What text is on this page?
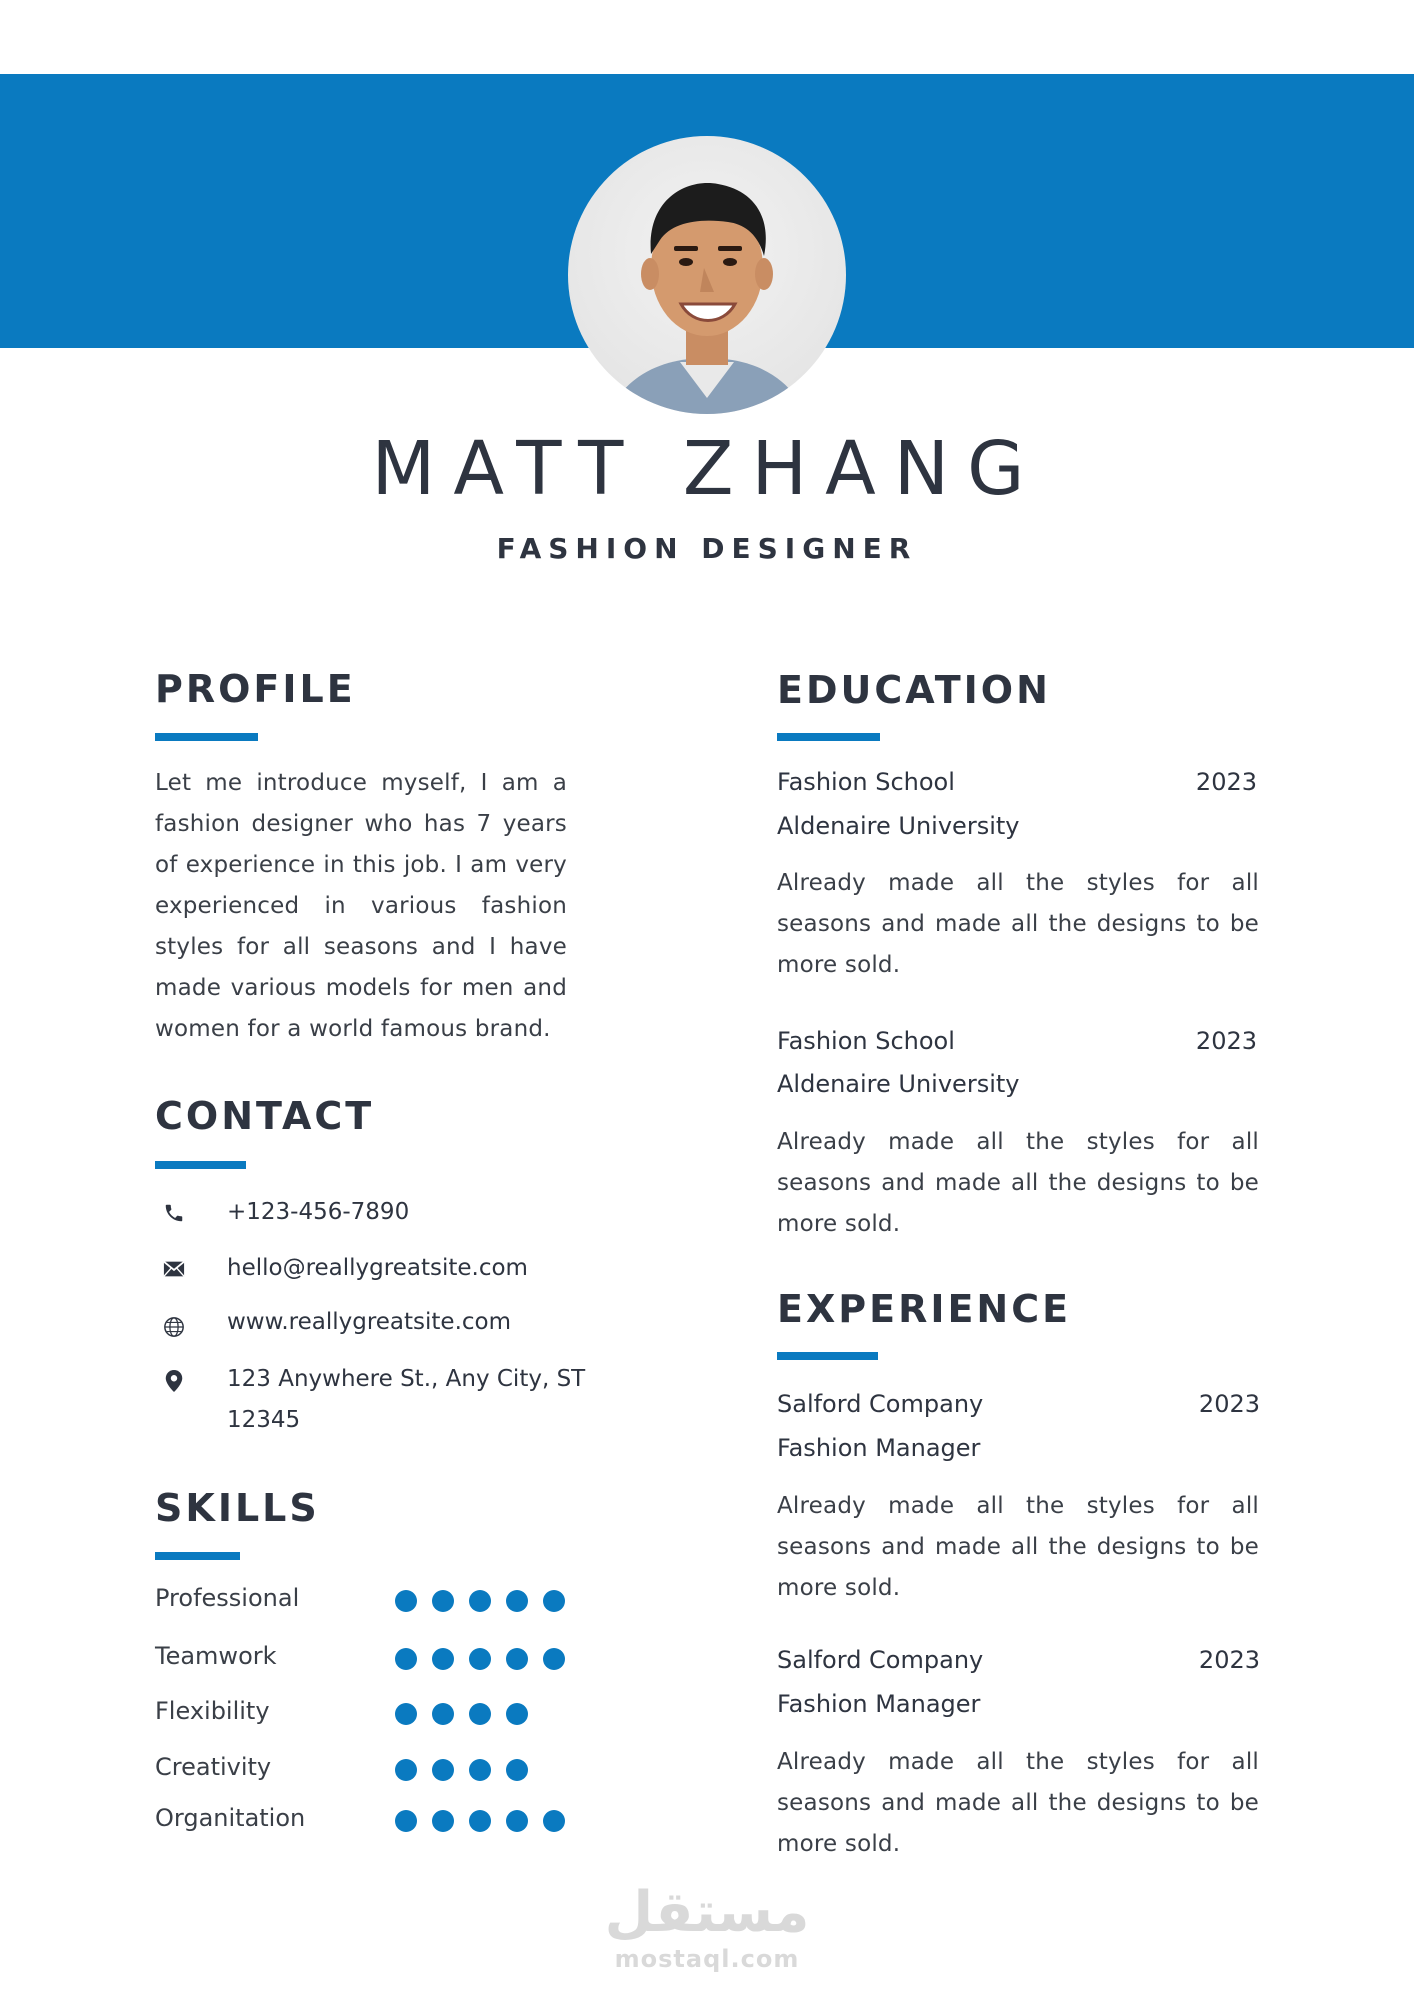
MATT ZHANG
FASHION DESIGNER
PROFILE
Let me introduce myself, I am a fashion designer who has 7 years of experience in this job. I am very experienced in various fashion styles for all seasons and I have made various models for men and women for a world famous brand.
CONTACT
+123-456-7890
hello@reallygreatsite.com
www.reallygreatsite.com
123 Anywhere St., Any City, ST
12345
SKILLS
Professional
Teamwork
Flexibility
Creativity
Organitation
EDUCATION
Fashion School	2023
Aldenaire University
Already made all the styles for all seasons and made all the designs to be more sold.
Fashion School	2023
Aldenaire University
Already made all the styles for all seasons and made all the designs to be more sold.
EXPERIENCE
Salford Company	2023
Fashion Manager
Already made all the styles for all seasons and made all the designs to be more sold.
Salford Company	2023
Fashion Manager
Already made all the styles for all seasons and made all the designs to be more sold.
مستقل
mostaql.com
